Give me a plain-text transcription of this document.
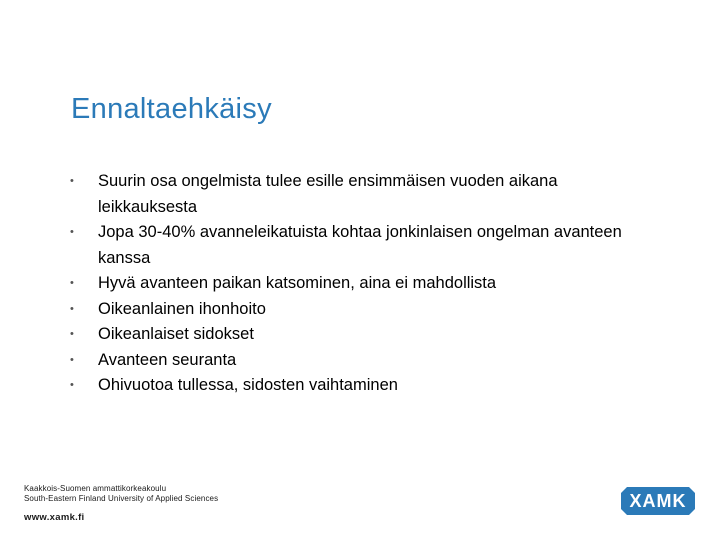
Ennaltaehkäisy
• Suurin osa ongelmista tulee esille ensimmäisen vuoden aikana leikkauksesta
• Jopa 30-40% avanneleikatuista kohtaa jonkinlaisen ongelman avanteen kanssa
• Hyvä avanteen paikan katsominen, aina ei mahdollista
• Oikeanlainen ihonhoito
• Oikeanlaiset sidokset
• Avanteen seuranta
• Ohivuotoa tullessa, sidosten vaihtaminen
Kaakkois-Suomen ammattikorkeakoulu
South-Eastern Finland University of Applied Sciences
www.xamk.fi
XAMK
